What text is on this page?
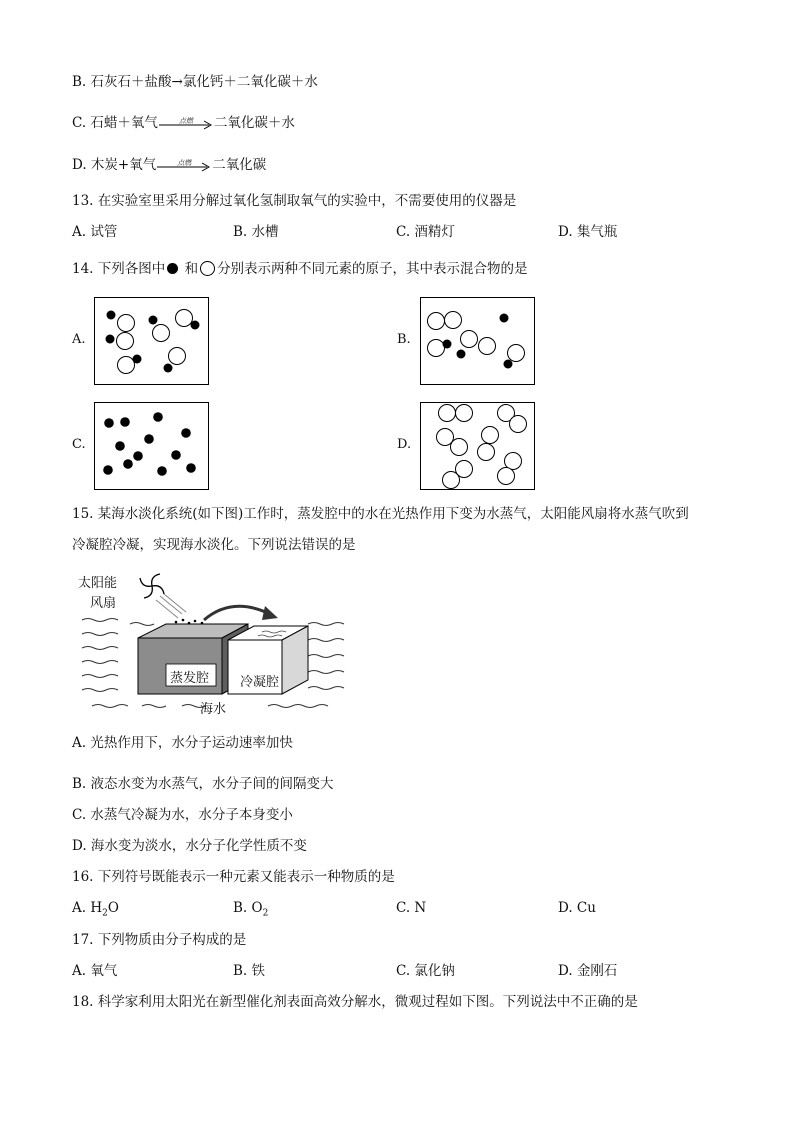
B. 石灰石＋盐酸→氯化钙＋二氧化碳＋水
C. 石蜡＋氧气	点燃	二氧化碳＋水
D. 木炭+氧气	点燃	二氧化碳
13. 在实验室里采用分解过氧化氢制取氧气的实验中，不需要使用的仪器是
A. 试管	B. 水槽	C. 酒精灯	D. 集气瓶
14. 下列各图中 和 分别表示两种不同元素的原子，其中表示混合物的是
A.	B.
C.	D.
15. 某海水淡化系统(如下图)工作时，蒸发腔中的水在光热作用下变为水蒸气，太阳能风扇将水蒸气吹到
冷凝腔冷凝，实现海水淡化。下列说法错误的是
太阳能
风扇
蒸发腔 冷凝腔
海水
A. 光热作用下，水分子运动速率加快
B. 液态水变为水蒸气，水分子间的间隔变大
C. 水蒸气冷凝为水，水分子本身变小
D. 海水变为淡水，水分子化学性质不变
16. 下列符号既能表示一种元素又能表示一种物质的是
A. $H_2O$	B. $O_2$	C. N	D. Cu
17. 下列物质由分子构成的是
A. 氧气	B. 铁	C. 氯化钠	D. 金刚石
18. 科学家利用太阳光在新型催化剂表面高效分解水，微观过程如下图。下列说法中不正确的是
